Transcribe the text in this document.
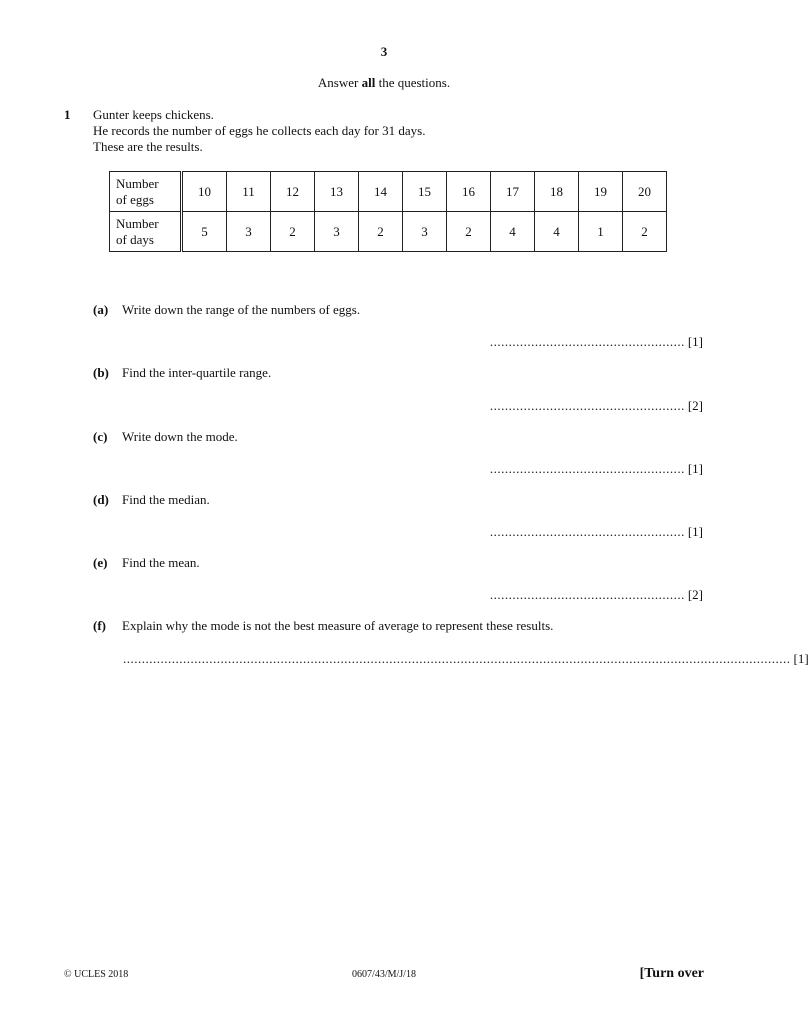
3
Answer all the questions.
1 Gunter keeps chickens.
He records the number of eggs he collects each day for 31 days.
These are the results.
Number
of eggs	10	11	12	13	14	15	16	17	18	19	20
Number
of days	5	3	2	3	2	3	2	4	4	1	2
(a) Write down the range of the numbers of eggs.
.................................................... [1]
(b) Find the inter-quartile range.
.................................................... [2]
(c) Write down the mode.
.................................................... [1]
(d) Find the median.
.................................................... [1]
(e) Find the mean.
.................................................... [2]
(f) Explain why the mode is not the best measure of average to represent these results.
.................................................................................................................................................................................. [1]
© UCLES 2018	0607/43/M/J/18	[Turn over
